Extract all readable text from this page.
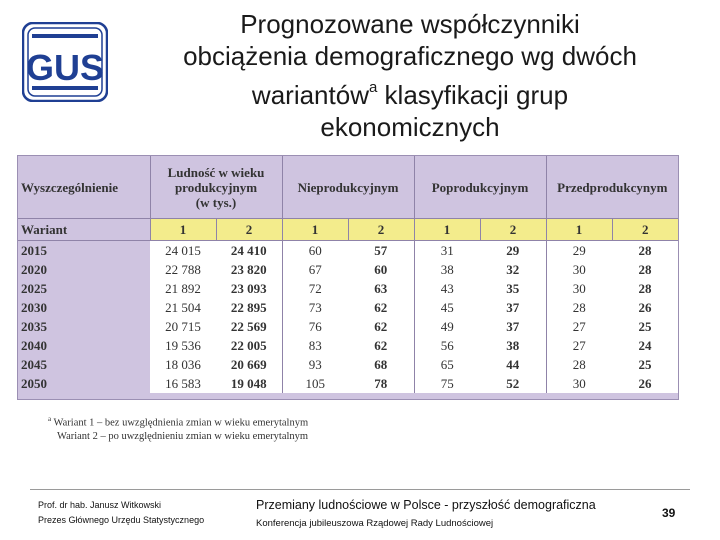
GUS
Prognozowane współczynniki
obciążenia demograficznego wg dwóch
wariantów$^a$ klasyfikacji grup
ekonomicznych
Wyszczególnienie	Ludność w wieku
produkcyjnym
(w tys.)		Nieprodukcyjnym		Poprodukcyjnym		Przedprodukcynym	
Wariant	1	2	1	2	1	2	1	2
2015	24 015	24 410	60	57	31	29	29	28
2020	22 788	23 820	67	60	38	32	30	28
2025	21 892	23 093	72	63	43	35	30	28
2030	21 504	22 895	73	62	45	37	28	26
2035	20 715	22 569	76	62	49	37	27	25
2040	19 536	22 005	83	62	56	38	27	24
2045	18 036	20 669	93	68	65	44	28	25
2050	16 583	19 048	105	78	75	52	30	26
$^a$ Wariant 1 – bez uwzględnienia zmian w wieku emerytalnym
Wariant 2 – po uwzględnieniu zmian w wieku emerytalnym
Prof. dr hab. Janusz Witkowski
Prezes Głównego Urzędu Statystycznego
Przemiany ludnościowe w Polsce - przyszłość demograficzna
Konferencja jubileuszowa Rządowej Rady Ludnościowej
39
